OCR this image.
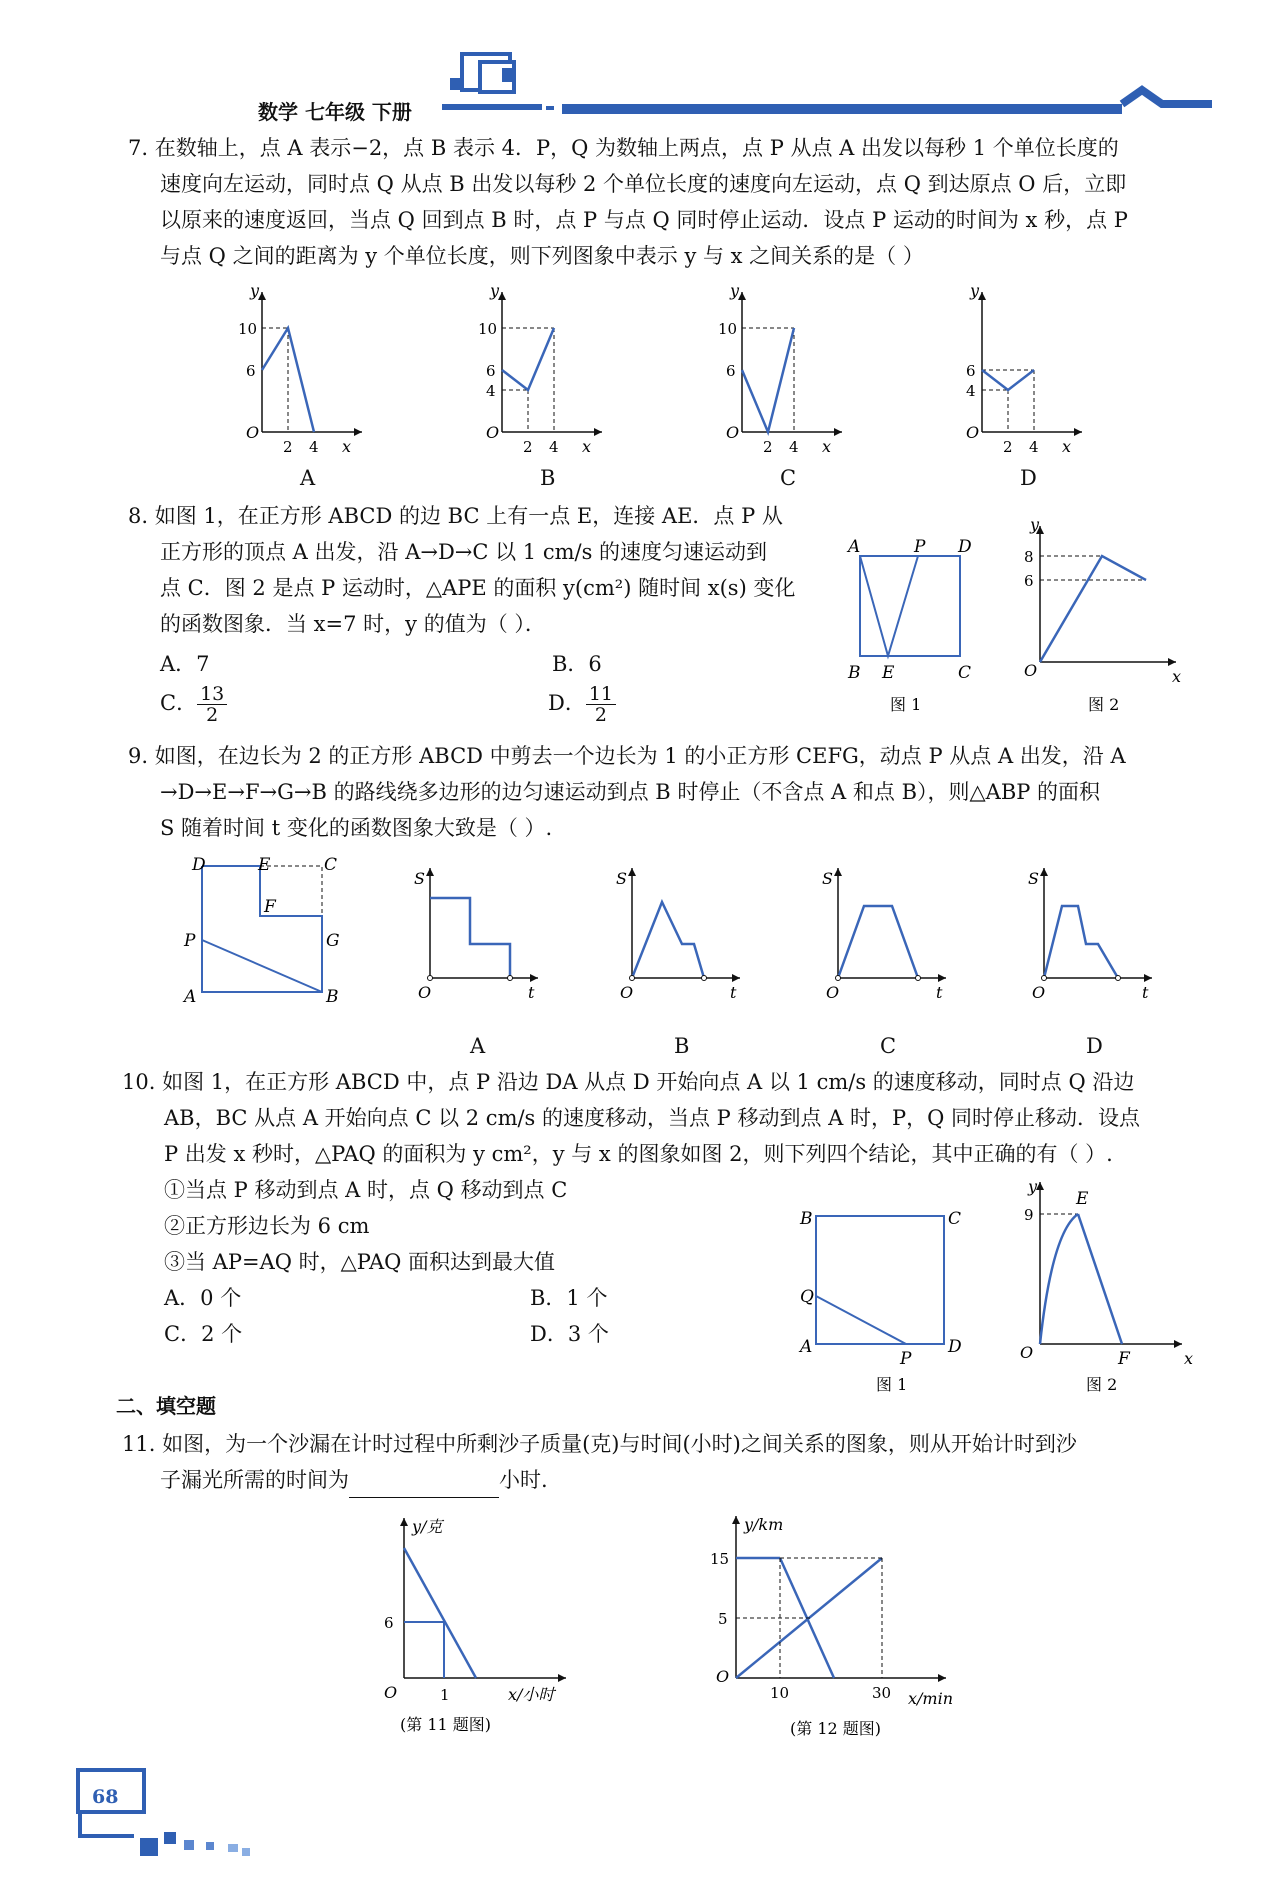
数学 七年级 下册
7. 在数轴上，点 A 表示−2，点 B 表示 4．P，Q 为数轴上两点，点 P 从点 A 出发以每秒 1 个单位长度的
速度向左运动，同时点 Q 从点 B 出发以每秒 2 个单位长度的速度向左运动，点 Q 到达原点 O 后，立即
以原来的速度返回，当点 Q 回到点 B 时，点 P 与点 Q 同时停止运动．设点 P 运动的时间为 x 秒，点 P
与点 Q 之间的距离为 y 个单位长度，则下列图象中表示 y 与 x 之间关系的是（ ）
y
10
6
O
2 4 x
A
y
10
6
4
O
2 4 x
B
y
10
6
O
2 4 x
C
y
6
4
O
2 4 x
D
8. 如图 1，在正方形 ABCD 的边 BC 上有一点 E，连接 AE．点 P 从
正方形的顶点 A 出发，沿 A→D→C 以 1 cm/s 的速度匀速运动到
点 C．图 2 是点 P 运动时，△APE 的面积 y(cm²) 随时间 x(s) 变化
的函数图象．当 x=7 时，y 的值为（ ）．
A．7	B．6
C． $\frac{13}{2}$	D． $\frac{11}{2}$
A	P D
B E	C
图 1
y
8
6
O	x
图 2
9. 如图，在边长为 2 的正方形 ABCD 中剪去一个边长为 1 的小正方形 CEFG，动点 P 从点 A 出发，沿 A
→D→E→F→G→B 的路线绕多边形的边匀速运动到点 B 时停止（不含点 A 和点 B），则△ABP 的面积
S 随着时间 t 变化的函数图象大致是（ ）.
D	E	C
F
G
P
A	B
S
O	t
A
S
O	t
B
S
O	t
C
S
O	t
D
10. 如图 1，在正方形 ABCD 中，点 P 沿边 DA 从点 D 开始向点 A 以 1 cm/s 的速度移动，同时点 Q 沿边
AB，BC 从点 A 开始向点 C 以 2 cm/s 的速度移动，当点 P 移动到点 A 时，P，Q 同时停止移动．设点
P 出发 x 秒时，△PAQ 的面积为 y cm²，y 与 x 的图象如图 2，则下列四个结论，其中正确的有（ ）.
①当点 P 移动到点 A 时，点 Q 移动到点 C
②正方形边长为 6 cm
③当 AP=AQ 时，△PAQ 面积达到最大值
A．0 个	B．1 个
C．2 个	D．3 个
B	C
Q
A
P
D
图 1
y
E
9
O	F	x
图 2
二、填空题
11. 如图，为一个沙漏在计时过程中所剩沙子质量(克)与时间(小时)之间关系的图象，则从开始计时到沙
子漏光所需的时间为	小时.
y/克
6
O	1	x/小时
(第 11 题图)
y/km
15
5
O
10	30 x/min
(第 12 题图)
68
